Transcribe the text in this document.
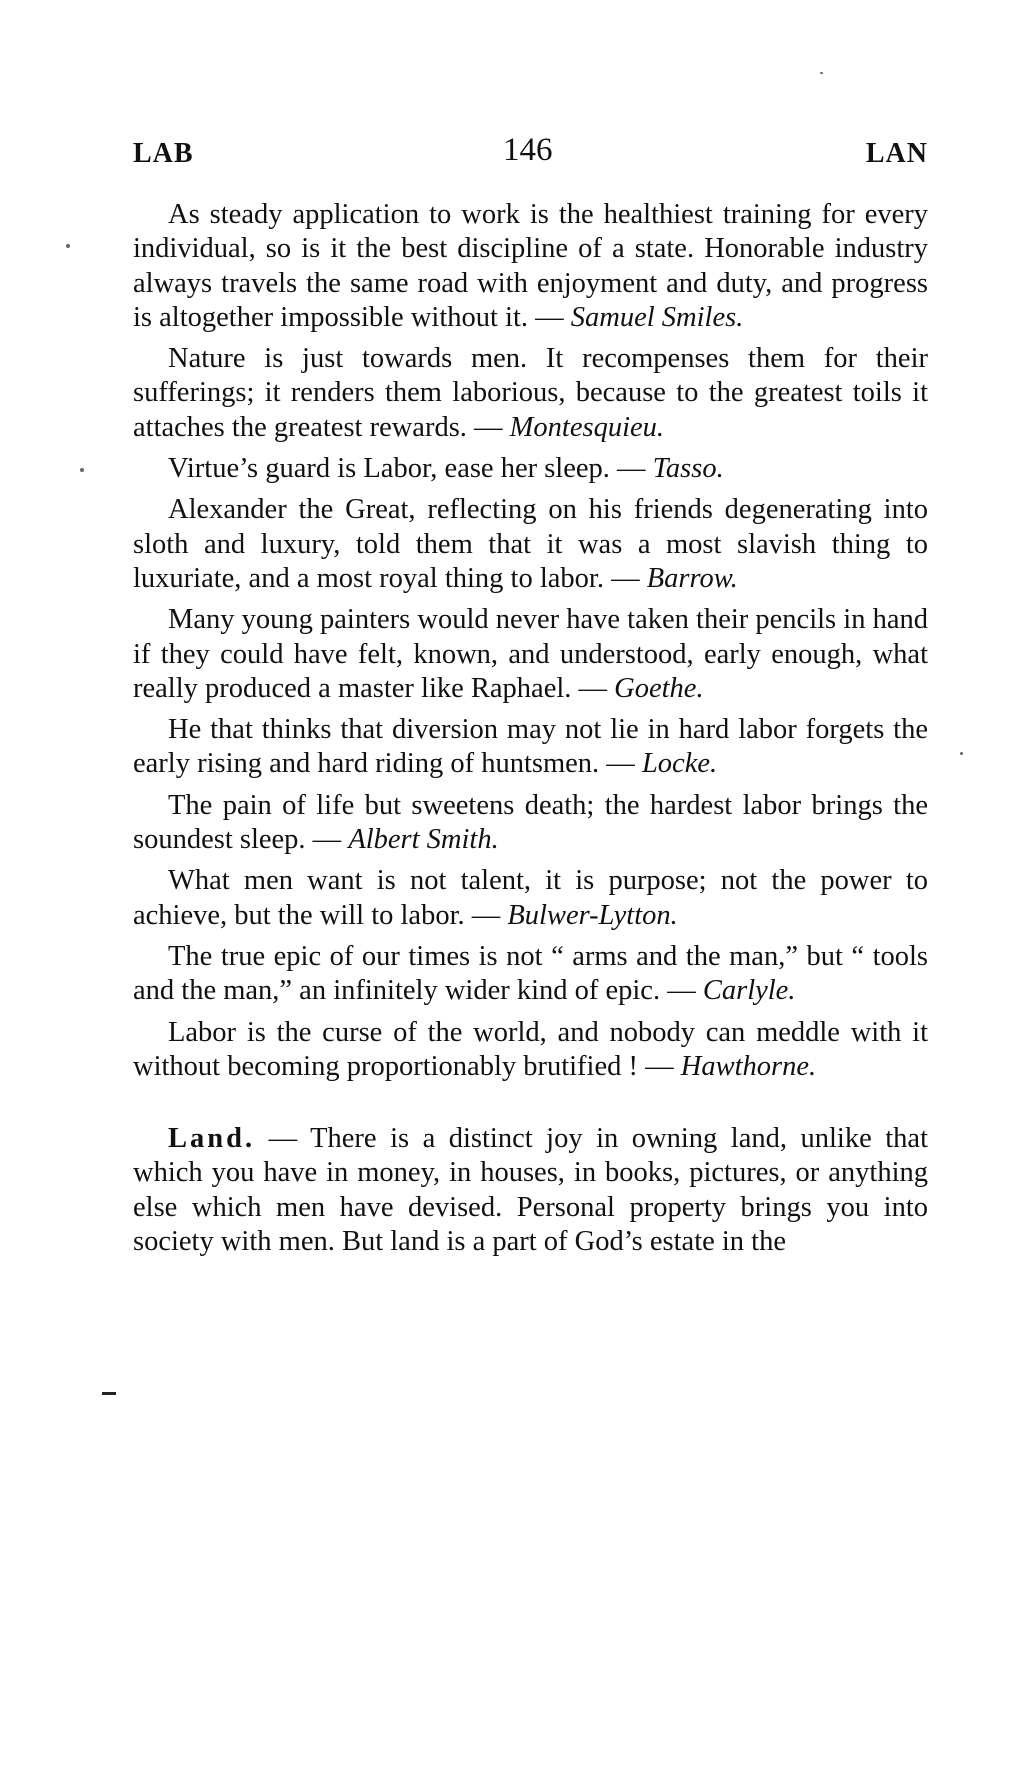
LAB	146	LAN

As steady application to work is the healthiest training for every individual, so is it the best discipline of a state. Honorable industry always travels the same road with enjoyment and duty, and progress is altogether impossible without it. — Samuel Smiles.

Nature is just towards men. It recompenses them for their sufferings; it renders them laborious, because to the greatest toils it attaches the greatest rewards. — Montesquieu.

Virtue’s guard is Labor, ease her sleep. — Tasso.

Alexander the Great, reflecting on his friends degenerating into sloth and luxury, told them that it was a most slavish thing to luxuriate, and a most royal thing to labor. — Barrow.

Many young painters would never have taken their pencils in hand if they could have felt, known, and understood, early enough, what really produced a master like Raphael. — Goethe.

He that thinks that diversion may not lie in hard labor forgets the early rising and hard riding of huntsmen. — Locke.

The pain of life but sweetens death; the hardest labor brings the soundest sleep. — Albert Smith.

What men want is not talent, it is purpose; not the power to achieve, but the will to labor. — Bulwer-Lytton.

The true epic of our times is not “ arms and the man,” but “ tools and the man,” an infinitely wider kind of epic. — Carlyle.

Labor is the curse of the world, and nobody can meddle with it without becoming proportionably brutified ! — Hawthorne.

Land. — There is a distinct joy in owning land, unlike that which you have in money, in houses, in books, pictures, or anything else which men have devised. Personal property brings you into society with men. But land is a part of God’s estate in the
